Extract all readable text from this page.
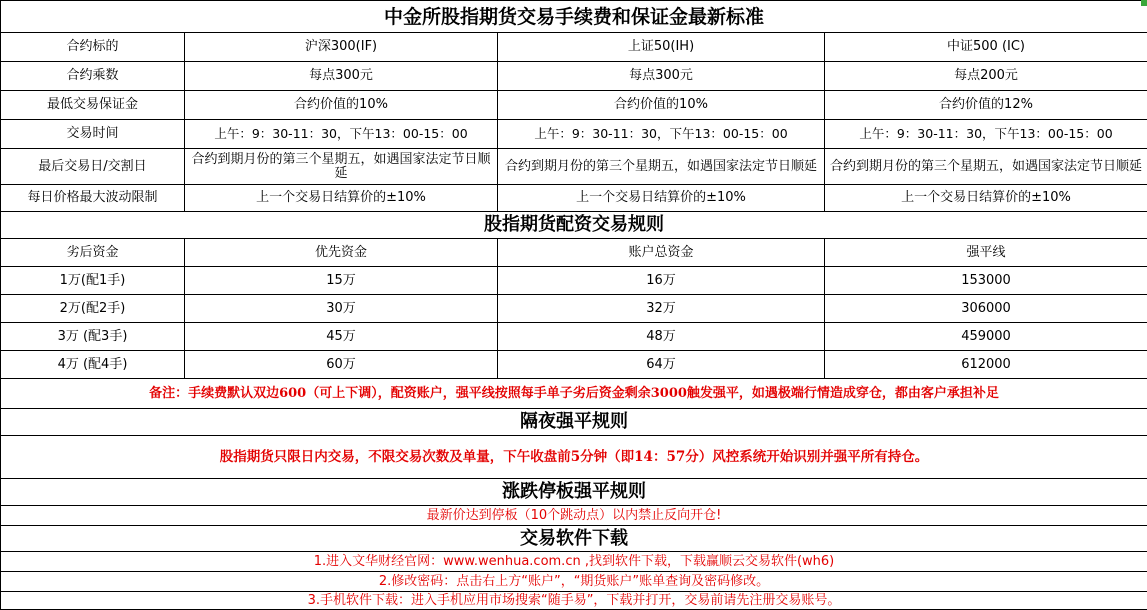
中金所股指期货交易手续费和保证金最新标准			
合约标的	沪深300(IF)	上证50(IH)	中证500 (IC)
合约乘数	每点300元	每点300元	每点200元
最低交易保证金	合约价值的10%	合约价值的10%	合约价值的12%
交易时间	上午：9：30-11：30，下午13：00-15：00	上午：9：30-11：30，下午13：00-15：00	上午：9：30-11：30，下午13：00-15：00
最后交易日/交割日	合约到期月份的第三个星期五，如遇国家法定节日顺延	合约到期月份的第三个星期五，如遇国家法定节日顺延	合约到期月份的第三个星期五，如遇国家法定节日顺延
每日价格最大波动限制	上一个交易日结算价的±10%	上一个交易日结算价的±10%	上一个交易日结算价的±10%
股指期货配资交易规则			
劣后资金	优先资金	账户总资金	强平线
1万(配1手)	15万	16万	153000
2万(配2手)	30万	32万	306000
3万 (配3手)	45万	48万	459000
4万 (配4手)	60万	64万	612000
备注：手续费默认双边600（可上下调），配资账户，强平线按照每手单子劣后资金剩余3000触发强平，如遇极端行情造成穿仓，都由客户承担补足			
隔夜强平规则			
股指期货只限日内交易，不限交易次数及单量，下午收盘前5分钟（即14：57分）风控系统开始识别并强平所有持仓。			
涨跌停板强平规则			
最新价达到停板（10个跳动点）以内禁止反向开仓!			
交易软件下载			
1.进入文华财经官网：www.wenhua.com.cn ,找到软件下载，下载赢顺云交易软件(wh6)			
2.修改密码：点击右上方“账户”，“期货账户”账单查询及密码修改。			
3.手机软件下载：进入手机应用市场搜索“随手易”，下载并打开，交易前请先注册交易账号。			
